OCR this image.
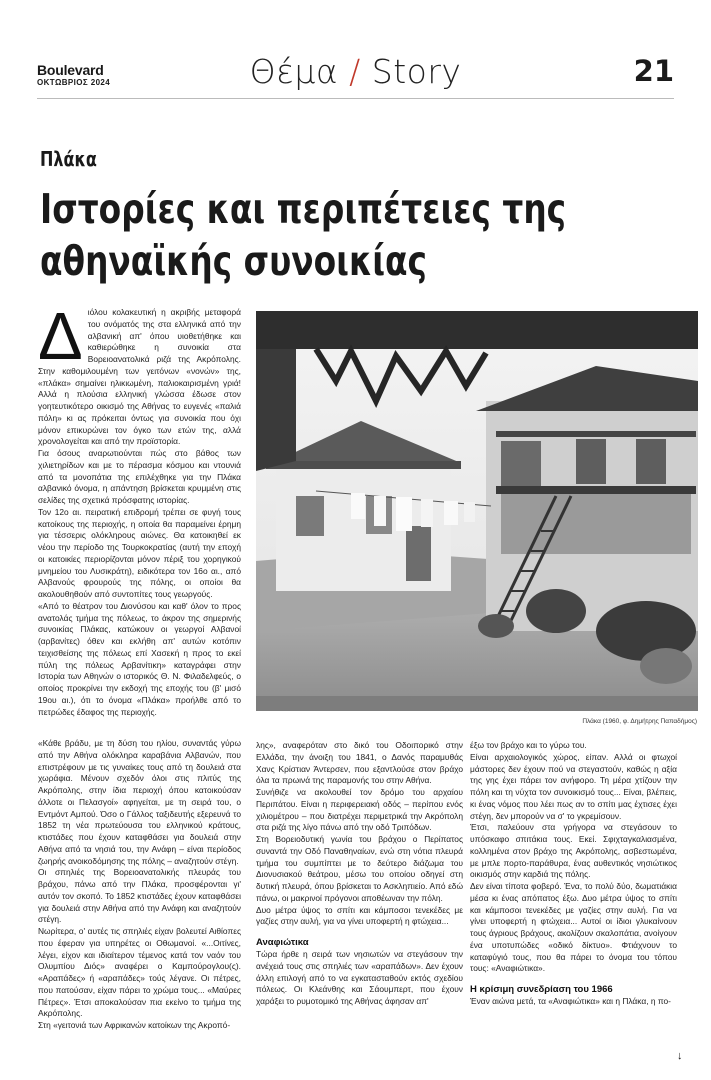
Boulevard
ΟΚΤΩΒΡΙΟΣ 2024	Θέμα / Story	21
Πλάκα
Ιστορίες και περιπέτειες της αθηναϊκής συνοικίας
Δ ιόλου κολακευτική η ακριβής μεταφορά του ονόματός της στα ελληνικά από την αλβανική απ' όπου υιοθετήθηκε και καθιερώθηκε η συνοικία στα Βορειοανατολικά ριζά της Ακρόπολης. Στην καθομιλουμένη των γειτόνων «νονών» της, «πλάκα» σημαίνει ηλικιωμένη, παλιοκαιρισμένη γριά! Αλλά η πλούσια ελληνική γλώσσα έδωσε στον γοητευτικότερο οικισμό της Αθήνας το ευγενές «παλιά πόλη» κι ας πρόκειται όντως για συνοικία που όχι μόνον επικυρώνει τον όγκο των ετών της, αλλά χρονολογείται και από την προϊστορία.

Για όσους αναρωτιούνται πώς στο βάθος των χιλιετηρίδων και με το πέρασμα κόσμου και ντουνιά από τα μονοπάτια της επιλέχθηκε για την Πλάκα αλβανικό όνομα, η απάντηση βρίσκεται κρυμμένη στις σελίδες της σχετικά πρόσφατης ιστορίας.

Τον 12ο αι. πειρατική επιδρομή τρέπει σε φυγή τους κατοίκους της περιοχής, η οποία θα παραμείνει έρημη για τέσσερις ολόκληρους αιώνες. Θα κατοικηθεί εκ νέου την περίοδο της Τουρκοκρατίας (αυτή την εποχή οι κατοικίες περιορίζονται μόνον πέριξ του χορηγικού μνημείου του Λυσικράτη), ειδικότερα τον 16ο αι., από Αλβανούς φρουρούς της πόλης, οι οποίοι θα ακολουθηθούν από συντοπίτες τους γεωργούς.

«Από το θέατρον του Διονύσου και καθ' όλον το προς ανατολάς τμήμα της πόλεως, το άκρον της σημερινής συνοικίας Πλάκας, κατώκουν οι γεωργοί Αλβανοί (αρβανίτες) όθεν και εκλήθη απ' αυτών κοτόπιν τειχισθείσης της πόλεως επί Χασεκή η προς το εκεί πύλη της πόλεως Αρβανίτικη» καταγράφει στην Ιστορία των Αθηνών ο ιστορικός Θ. Ν. Φιλαδελφεύς, ο οποίος προκρίνει την εκδοχή της εποχής του (β' μισό 19ου αι.), ότι το όνομα «Πλάκα» προήλθε από το πετρώδες έδαφος της περιοχής.

Πλάκα (1960, φ. Δημήτρης Παπαδήμος)

λης», αναφερόταν στο δικό του Οδοιπορικό στην Ελλάδα, την άνοιξη του 1841, ο Δανός παραμυθάς Χανς Κρίστιαν Άντερσεν, που εξαντλούσε στον βράχο όλα τα πρωινά της παραμονής του στην Αθήνα.

Συνήθιζε να ακολουθεί τον δρόμο του αρχαίου Περιπάτου. Είναι η περιφερειακή οδός – περίπου ενός χιλιομέτρου – που διατρέχει περιμετρικά την Ακρόπολη στα ριζά της λίγο πάνω από την οδό Τριπόδων.

Στη Βορειοδυτική γωνία του βράχου ο Περίπατος συναντά την Οδό Παναθηναίων, ενώ στη νότια πλευρά τμήμα του συμπίπτει με το δεύτερο διάζωμα του Διονυσιακού θεάτρου, μέσω του οποίου οδηγεί στη δυτική πλευρά, όπου βρίσκεται το Ασκληπιείο. Από εδώ πάνω, οι μακρινοί πρόγονοι αποθέωναν την πόλη.

Δυο μέτρα ύψος το σπίτι και κάμποσοι τενεκέδες με γαζίες στην αυλή, για να γίνει υποφερτή η φτώχεια...

Αναφιώτικα

Τώρα ήρθε η σειρά των νησιωτών να στεγάσουν την ανέχειά τους στις σπηλιές των «αραπάδων». Δεν έχουν άλλη επιλογή από το να εγκατασταθούν εκτός σχεδίου πόλεως. Οι Κλεάνθης και Σάουμπερτ, που έχουν χαράξει το ρυμοτομικό της Αθήνας άφησαν απ'

έξω τον βράχο και το γύρω του.

Είναι αρχαιολογικός χώρος, είπαν. Αλλά οι φτωχοί μάστορες δεν έχουν πού να στεγαστούν, καθώς η αξία της γης έχει πάρει τον ανήφορο. Τη μέρα χτίζουν την πόλη και τη νύχτα τον συνοικισμό τους... Είναι, βλέπεις, κι ένας νόμος που λέει πως αν το σπίτι μας έχτισες έχει στέγη, δεν μπορούν να σ' το γκρεμίσουν.

Έτσι, παλεύουν στα γρήγορα να στεγάσουν το υπόσκαφο σπιτάκια τους. Εκεί. Σφιχταγκαλιασμένα, κολλημένα στον βράχο της Ακρόπολης, ασβεστωμένα, με μπλε πορτο-παράθυρα, ένας αυθεντικός νησιώτικος οικισμός στην καρδιά της πόλης.

Δεν είναι τίποτα φοβερό. Ένα, το πολύ δύο, δωματιάκια μέσα κι ένας απόπατος έξω. Δυο μέτρα ύψος το σπίτι και κάμποσοι τενεκέδες με γαζίες στην αυλή. Για να γίνει υποφερτή η φτώχεια... Αυτοί οι ίδιοι γλυκαίνουν τους άγριους βράχους, ακολίζουν σκαλοπάτια, ανοίγουν ένα υποτυπώδες «οδικό δίκτυο». Φτιάχνουν το καταφύγιό τους, που θα πάρει το όνομα του τόπου τους: «Αναφιώτικα».

Η κρίσιμη συνεδρίαση του 1966

Έναν αιώνα μετά, τα «Αναφιώτικα» και η Πλάκα, η πο-

«Κάθε βράδυ, με τη δύση του ηλίου, συναντάς γύρω από την Αθήνα ολόκληρα καραβάνια Αλβανών, που επιστρέφουν με τις γυναίκες τους από τη δουλειά στα χωράφια. Μένουν σχεδόν όλοι στις πλιτύς της Ακρόπολης, στην ίδια περιοχή όπου κατοικούσαν άλλοτε οι Πελασγοί» αφηγείται, με τη σειρά του, ο Εντμόντ Αμπού. Όσο ο Γάλλος ταξιδευτής εξερευνά το 1852 τη νέα πρωτεύουσα του ελληνικού κράτους, κτιστάδες που έχουν καταφθάσει για δουλειά στην Αθήνα από τα νησιά του, την Ανάφη – είναι περίοδος ζωηρής ανοικοδόμησης της πόλης – αναζητούν στέγη.

Οι σπηλιές της Βορειοανατολικής πλευράς του βράχου, πάνω από την Πλάκα, προσφέρονται γι' αυτόν τον σκοπό. Το 1852 κτιστάδες έχουν καταφθάσει για δουλειά στην Αθήνα από την Ανάφη και αναζητούν στέγη.

Νωρίτερα, ο' αυτές τις σπηλιές είχαν βολευτεί Αιθίοπες που έφεραν για υπηρέτες οι Οθωμανοί. «...Οιτίνες, λέγει, είχον και ιδιαίτερον τέμενος κατά τον ναόν του Ολυμπίου Διός» αναφέρει ο Καμπούρογλου(ς). «Αραπάδες» ή «αραπάδες» τούς λέγανε. Οι πέτρες, που πατούσαν, είχαν πάρει το χρώμα τους... «Μαύρες Πέτρες». Έτσι αποκαλούσαν πια εκείνο το τμήμα της Ακρόπολης.

Στη «γειτονιά των Αφρικανών κατοίκων της Ακροπό-

↓
